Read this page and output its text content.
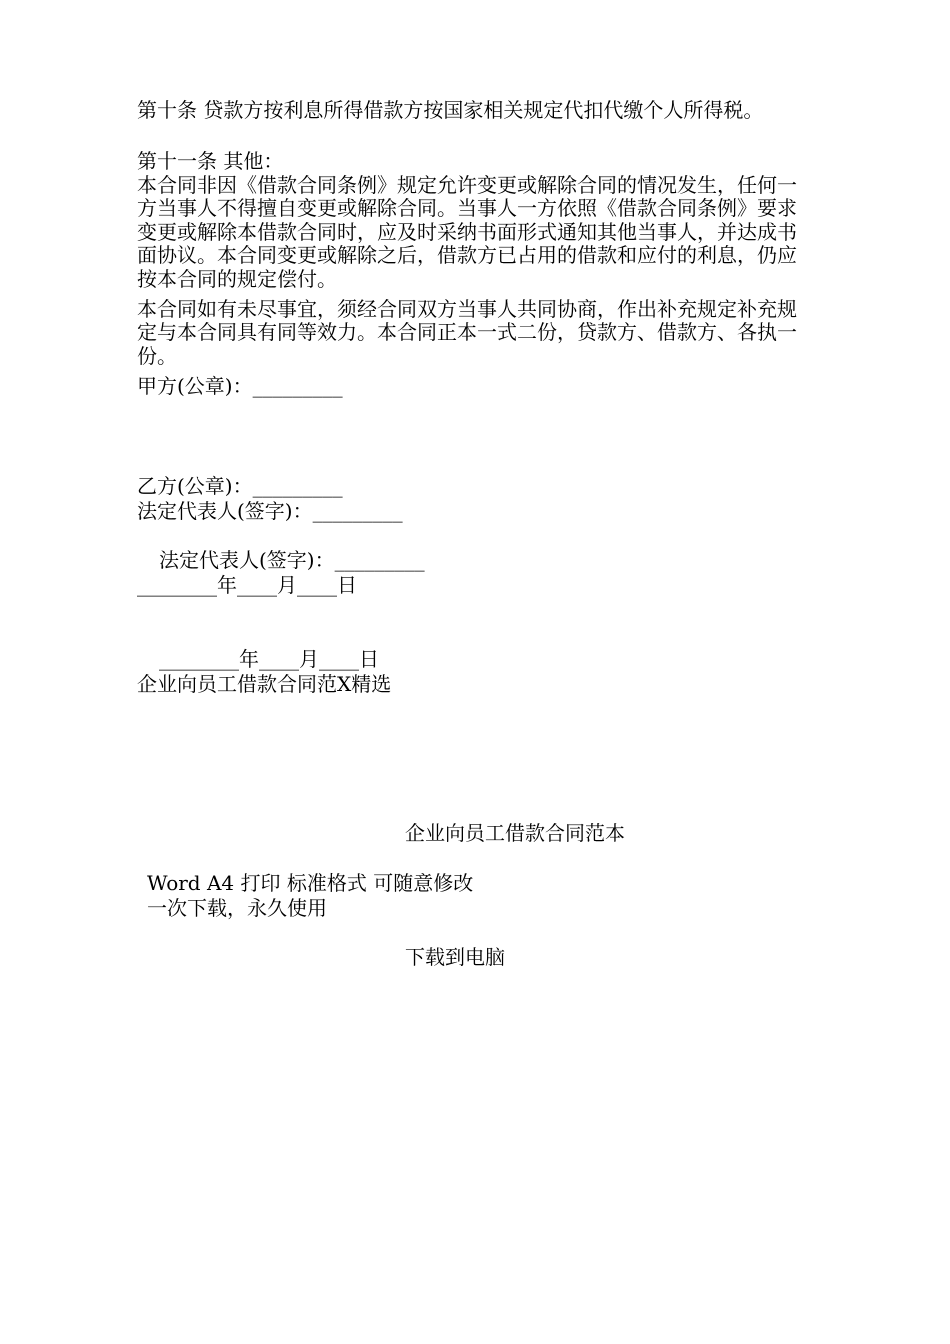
第十条 贷款方按利息所得借款方按国家相关规定代扣代缴个人所得税。
第十一条 其他：
本合同非因《借款合同条例》规定允许变更或解除合同的情况发生，任何一方当事人不得擅自变更或解除合同。当事人一方依照《借款合同条例》要求变更或解除本借款合同时，应及时采纳书面形式通知其他当事人，并达成书面协议。本合同变更或解除之后，借款方已占用的借款和应付的利息，仍应按本合同的规定偿付。
本合同如有未尽事宜，须经合同双方当事人共同协商，作出补充规定补充规定与本合同具有同等效力。本合同正本一式二份，贷款方、借款方、各执一份。
甲方(公章)：_________
乙方(公章)：_________
法定代表人(签字)：_________
法定代表人(签字)：_________
________年____月____日
________年____月____日
企业向员工借款合同范X精选
企业向员工借款合同范本
Word A4 打印 标准格式 可随意修改
一次下载，永久使用
下载到电脑
